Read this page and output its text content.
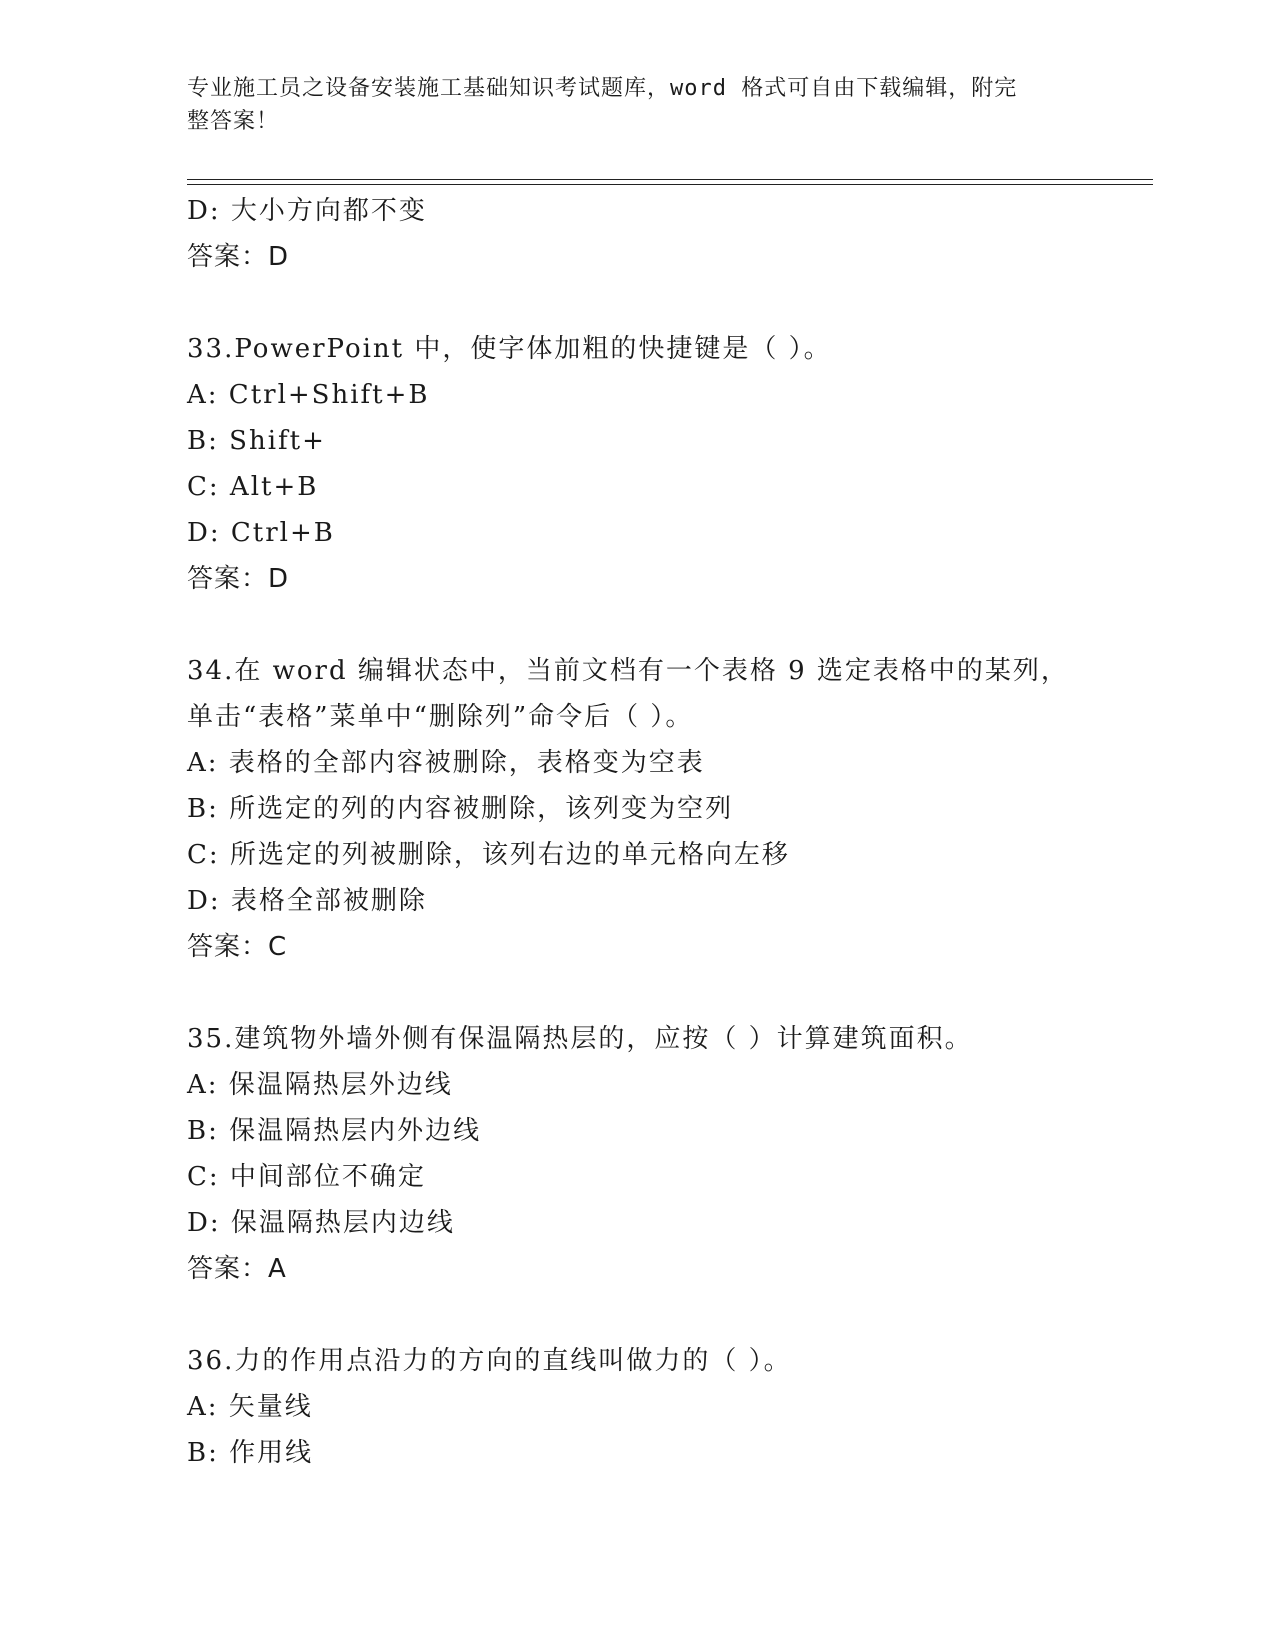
专业施工员之设备安装施工基础知识考试题库，word 格式可自由下载编辑，附完
整答案！
D: 大小方向都不变
答案：D
33.PowerPoint 中，使字体加粗的快捷键是（ ）。
A: Ctrl+Shift+B
B: Shift+
C: Alt+B
D: Ctrl+B
答案：D
34.在 word 编辑状态中，当前文档有一个表格 9 选定表格中的某列，
单击“表格”菜单中“删除列”命令后（ ）。
A: 表格的全部内容被删除，表格变为空表
B: 所选定的列的内容被删除，该列变为空列
C: 所选定的列被删除，该列右边的单元格向左移
D: 表格全部被删除
答案：C
35.建筑物外墙外侧有保温隔热层的，应按（ ）计算建筑面积。
A: 保温隔热层外边线
B: 保温隔热层内外边线
C: 中间部位不确定
D: 保温隔热层内边线
答案：A
36.力的作用点沿力的方向的直线叫做力的（ ）。
A: 矢量线
B: 作用线
